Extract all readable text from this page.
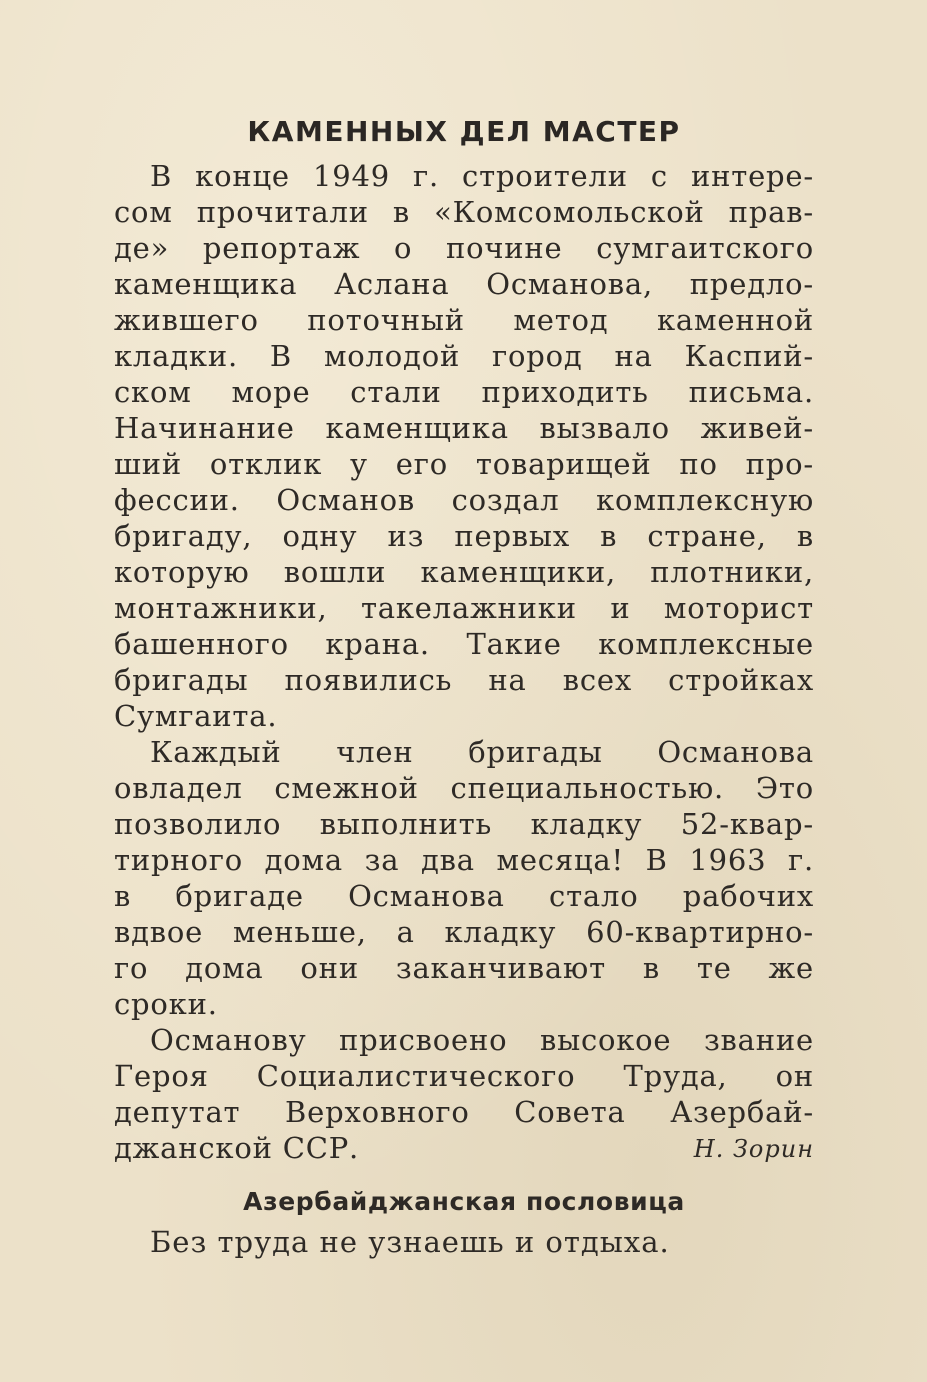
КАМЕННЫХ ДЕЛ МАСТЕР
В конце 1949 г. строители с интере-
сом прочитали в «Комсомольской прав-
де» репортаж о почине сумгаитского
каменщика Аслана Османова, предло-
жившего поточный метод каменной
кладки. В молодой город на Каспий-
ском море стали приходить письма.
Начинание каменщика вызвало живей-
ший отклик у его товарищей по про-
фессии. Османов создал комплексную
бригаду, одну из первых в стране, в
которую вошли каменщики, плотники,
монтажники, такелажники и моторист
башенного крана. Такие комплексные
бригады появились на всех стройках
Сумгаита.
Каждый член бригады Османова
овладел смежной специальностью. Это
позволило выполнить кладку 52-квар-
тирного дома за два месяца! В 1963 г.
в бригаде Османова стало рабочих
вдвое меньше, а кладку 60-квартирно-
го дома они заканчивают в те же
сроки.
Османову присвоено высокое звание
Героя Социалистического Труда, он
депутат Верховного Совета Азербай-
джанской ССР.	Н. Зорин
Азербайджанская пословица
Без труда не узнаешь и отдыха.
